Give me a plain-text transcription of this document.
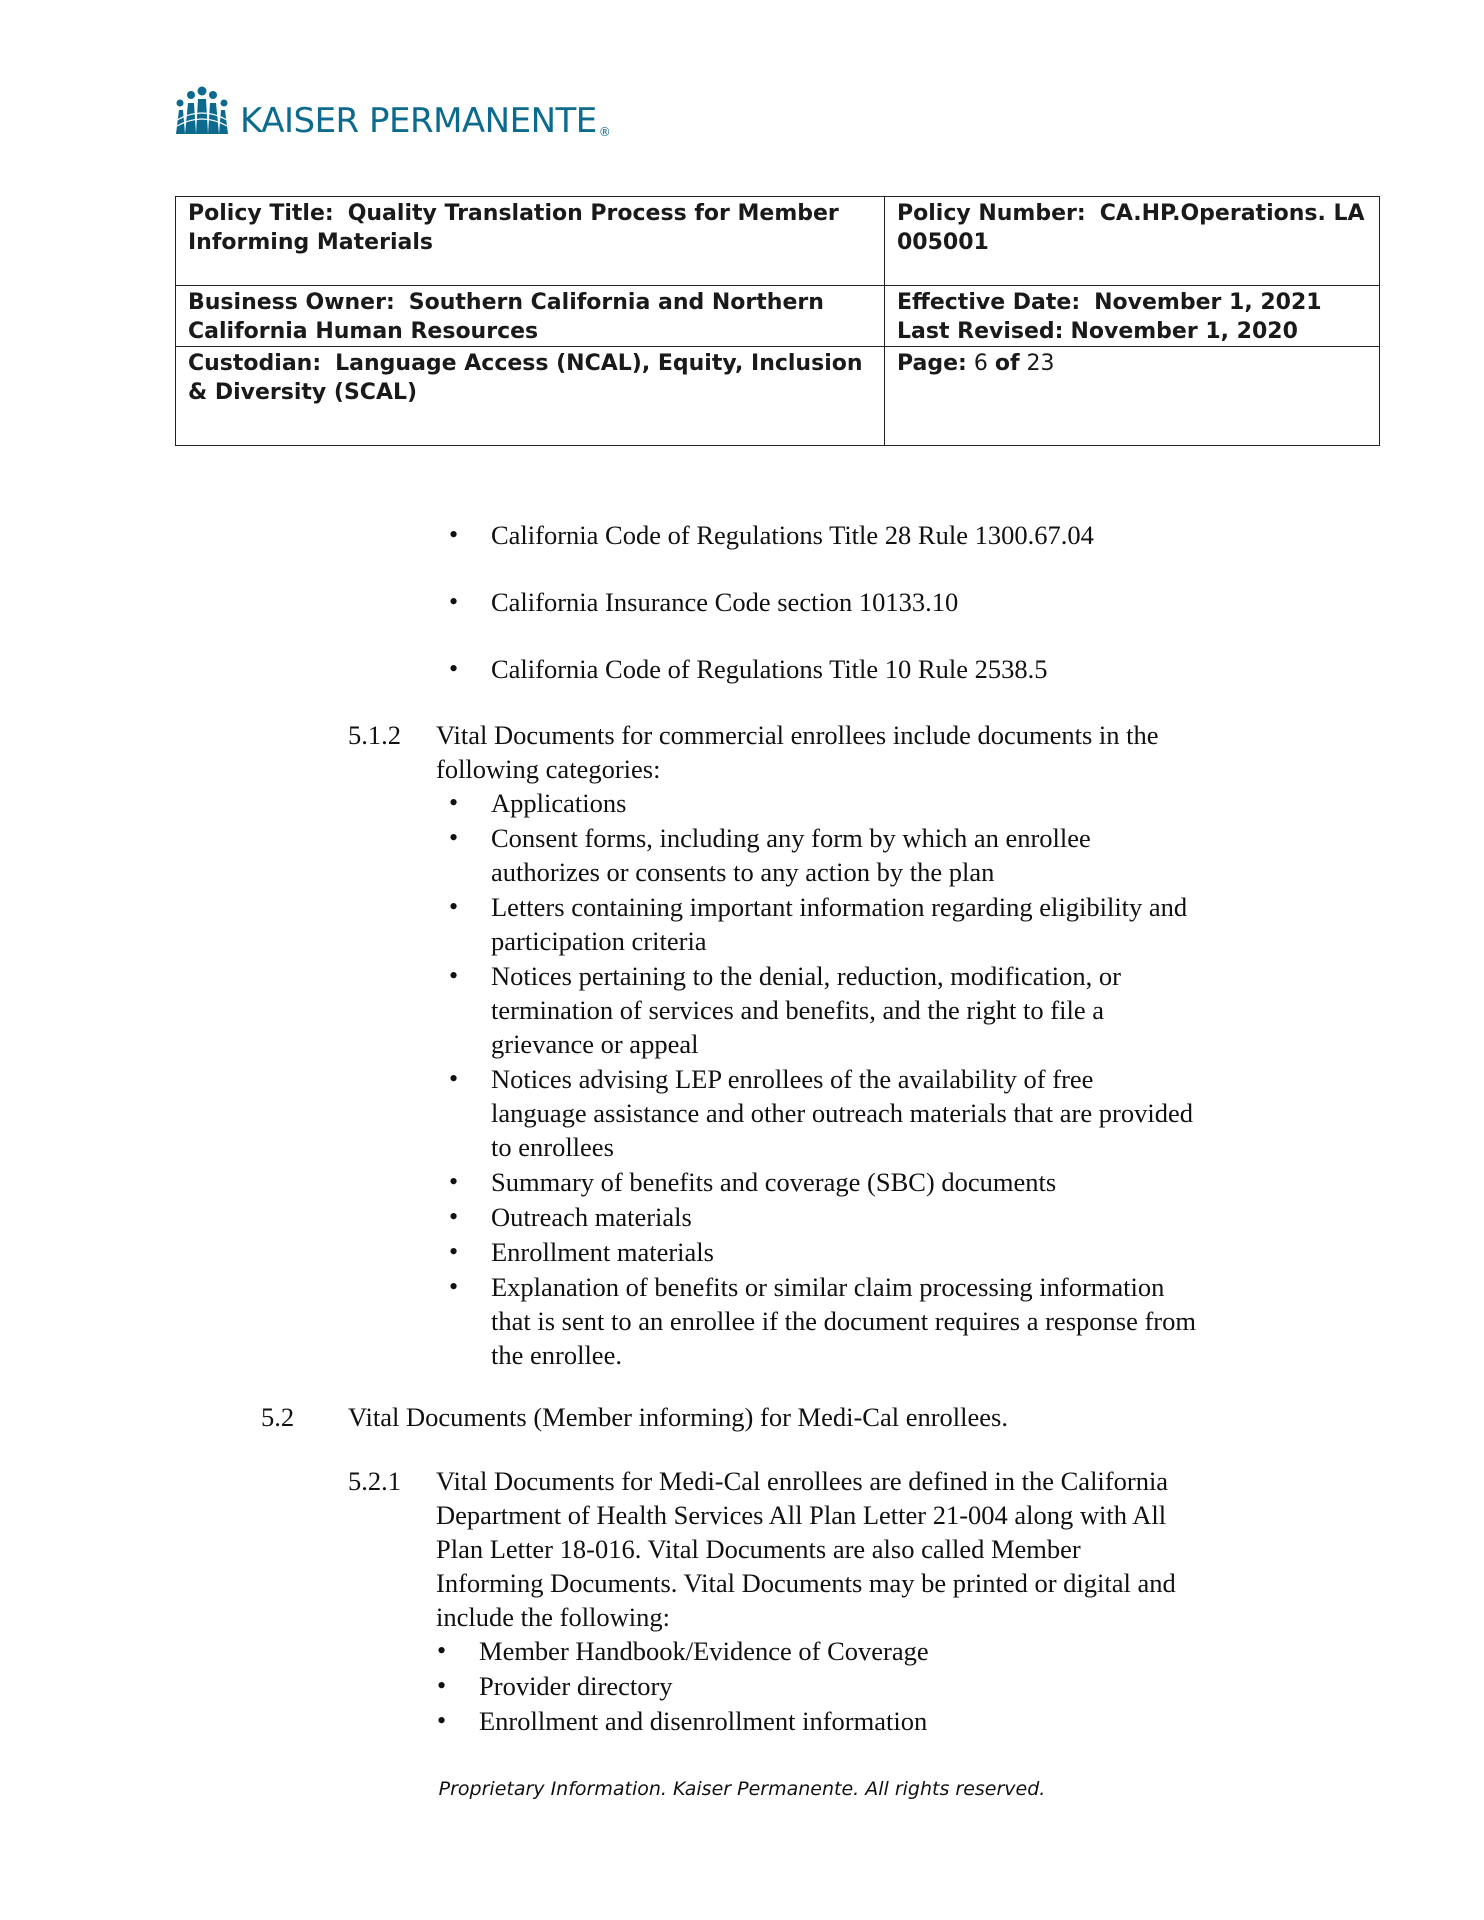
KAISER PERMANENTE ®
Policy Title: Quality Translation Process for Member Informing Materials	Policy Number: CA.HP.Operations. LA 005001
Business Owner: Southern California and Northern California Human Resources	Effective Date: November 1, 2021
Last Revised: November 1, 2020

Custodian: Language Access (NCAL), Equity, Inclusion & Diversity (SCAL)	Page: 6 of 23
• California Code of Regulations Title 28 Rule 1300.67.04
• California Insurance Code section 10133.10
• California Code of Regulations Title 10 Rule 2538.5
5.1.2 Vital Documents for commercial enrollees include documents in the
following categories:
• Applications
• Consent forms, including any form by which an enrollee
authorizes or consents to any action by the plan
• Letters containing important information regarding eligibility and
participation criteria
• Notices pertaining to the denial, reduction, modification, or
termination of services and benefits, and the right to file a
grievance or appeal
• Notices advising LEP enrollees of the availability of free
language assistance and other outreach materials that are provided
to enrollees
• Summary of benefits and coverage (SBC) documents
• Outreach materials
• Enrollment materials
• Explanation of benefits or similar claim processing information
that is sent to an enrollee if the document requires a response from
the enrollee.
5.2 Vital Documents (Member informing) for Medi-Cal enrollees.
5.2.1 Vital Documents for Medi-Cal enrollees are defined in the California
Department of Health Services All Plan Letter 21-004 along with All
Plan Letter 18-016. Vital Documents are also called Member
Informing Documents. Vital Documents may be printed or digital and
include the following:
• Member Handbook/Evidence of Coverage
• Provider directory
• Enrollment and disenrollment information
Proprietary Information. Kaiser Permanente. All rights reserved.
